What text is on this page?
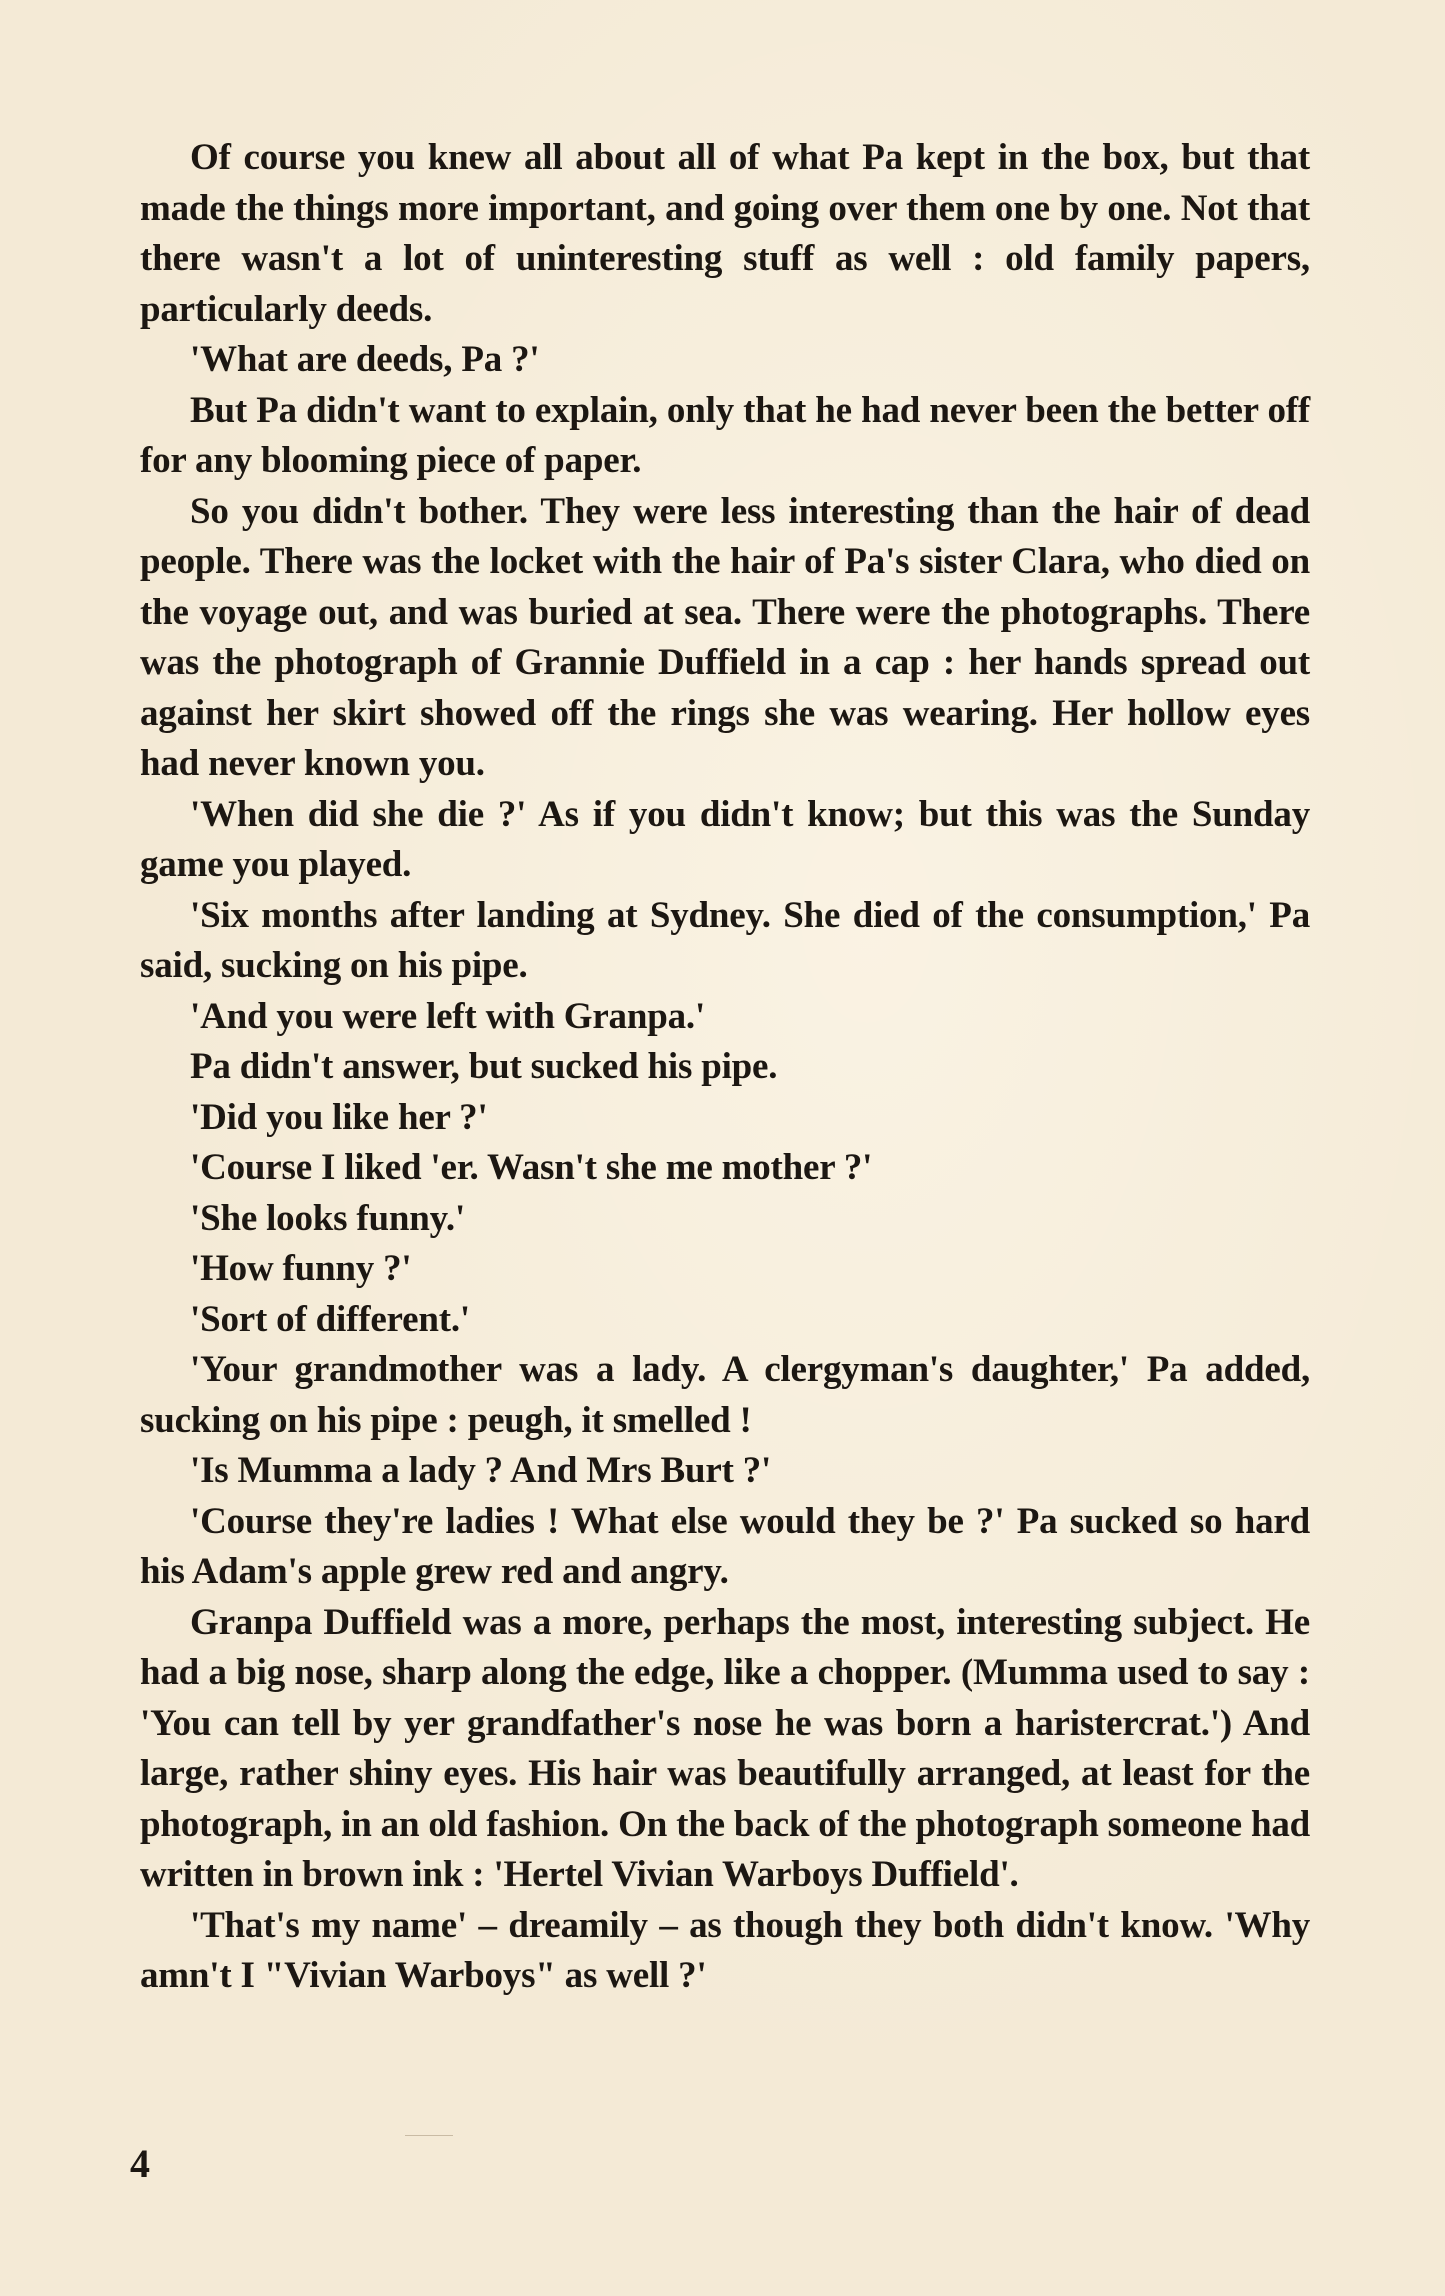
Of course you knew all about all of what Pa kept in the box, but that made the things more important, and going over them one by one. Not that there wasn't a lot of uninteresting stuff as well : old family papers, particularly deeds.

'What are deeds, Pa ?'

But Pa didn't want to explain, only that he had never been the better off for any blooming piece of paper.

So you didn't bother. They were less interesting than the hair of dead people. There was the locket with the hair of Pa's sister Clara, who died on the voyage out, and was buried at sea. There were the photographs. There was the photograph of Grannie Duffield in a cap : her hands spread out against her skirt showed off the rings she was wearing. Her hollow eyes had never known you.

'When did she die ?' As if you didn't know; but this was the Sunday game you played.

'Six months after landing at Sydney. She died of the consumption,' Pa said, sucking on his pipe.

'And you were left with Granpa.'

Pa didn't answer, but sucked his pipe.

'Did you like her ?'

'Course I liked 'er. Wasn't she me mother ?'

'She looks funny.'

'How funny ?'

'Sort of different.'

'Your grandmother was a lady. A clergyman's daughter,' Pa added, sucking on his pipe : peugh, it smelled !

'Is Mumma a lady ? And Mrs Burt ?'

'Course they're ladies ! What else would they be ?' Pa sucked so hard his Adam's apple grew red and angry.

Granpa Duffield was a more, perhaps the most, interesting subject. He had a big nose, sharp along the edge, like a chopper. (Mumma used to say : 'You can tell by yer grandfather's nose he was born a haristercrat.') And large, rather shiny eyes. His hair was beautifully arranged, at least for the photograph, in an old fashion. On the back of the photograph someone had written in brown ink : 'Hertel Vivian Warboys Duffield'.

'That's my name' – dreamily – as though they both didn't know. 'Why amn't I "Vivian Warboys" as well ?'

4
